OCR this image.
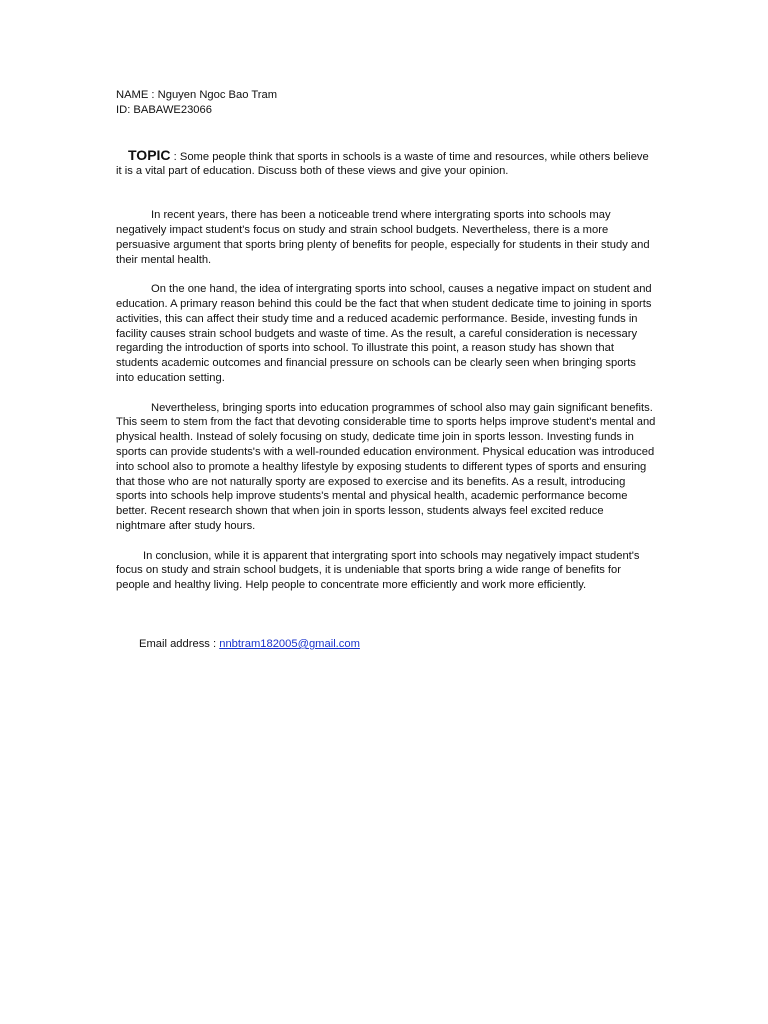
NAME : Nguyen Ngoc Bao Tram

ID: BABAWE23066

TOPIC : Some people think that sports in schools is a waste of time and resources, while others believe it is a vital part of education. Discuss both of these views and give your opinion.

In recent years, there has been a noticeable trend where intergrating sports into schools may negatively impact student's focus on study and strain school budgets. Nevertheless, there is a more persuasive argument that sports bring plenty of benefits for people, especially for students in their study and their mental health.

On the one hand, the idea of intergrating sports into school, causes a negative impact on student and education. A primary reason behind this could be the fact that when student dedicate time to joining in sports activities, this can affect their study time and a reduced academic performance. Beside, investing funds in facility causes strain school budgets and waste of time. As the result, a careful consideration is necessary regarding the introduction of sports into school. To illustrate this point, a reason study has shown that students academic outcomes and financial pressure on schools can be clearly seen when bringing sports into education setting.

Nevertheless, bringing sports into education programmes of school also may gain significant benefits. This seem to stem from the fact that devoting considerable time to sports helps improve student's mental and physical health. Instead of solely focusing on study, dedicate time join in sports lesson. Investing funds in sports can provide students's with a well-rounded education environment. Physical education was introduced into school also to promote a healthy lifestyle by exposing students to different types of sports and ensuring that those who are not naturally sporty are exposed to exercise and its benefits. As a result, introducing sports into schools help improve students's mental and physical health, academic performance become better. Recent research shown that when join in sports lesson, students always feel excited reduce nightmare after study hours.

In conclusion, while it is apparent that intergrating sport into schools may negatively impact student's focus on study and strain school budgets, it is undeniable that sports bring a wide range of benefits for people and healthy living. Help people to concentrate more efficiently and work more efficiently.

Email address : nnbtram182005@gmail.com
